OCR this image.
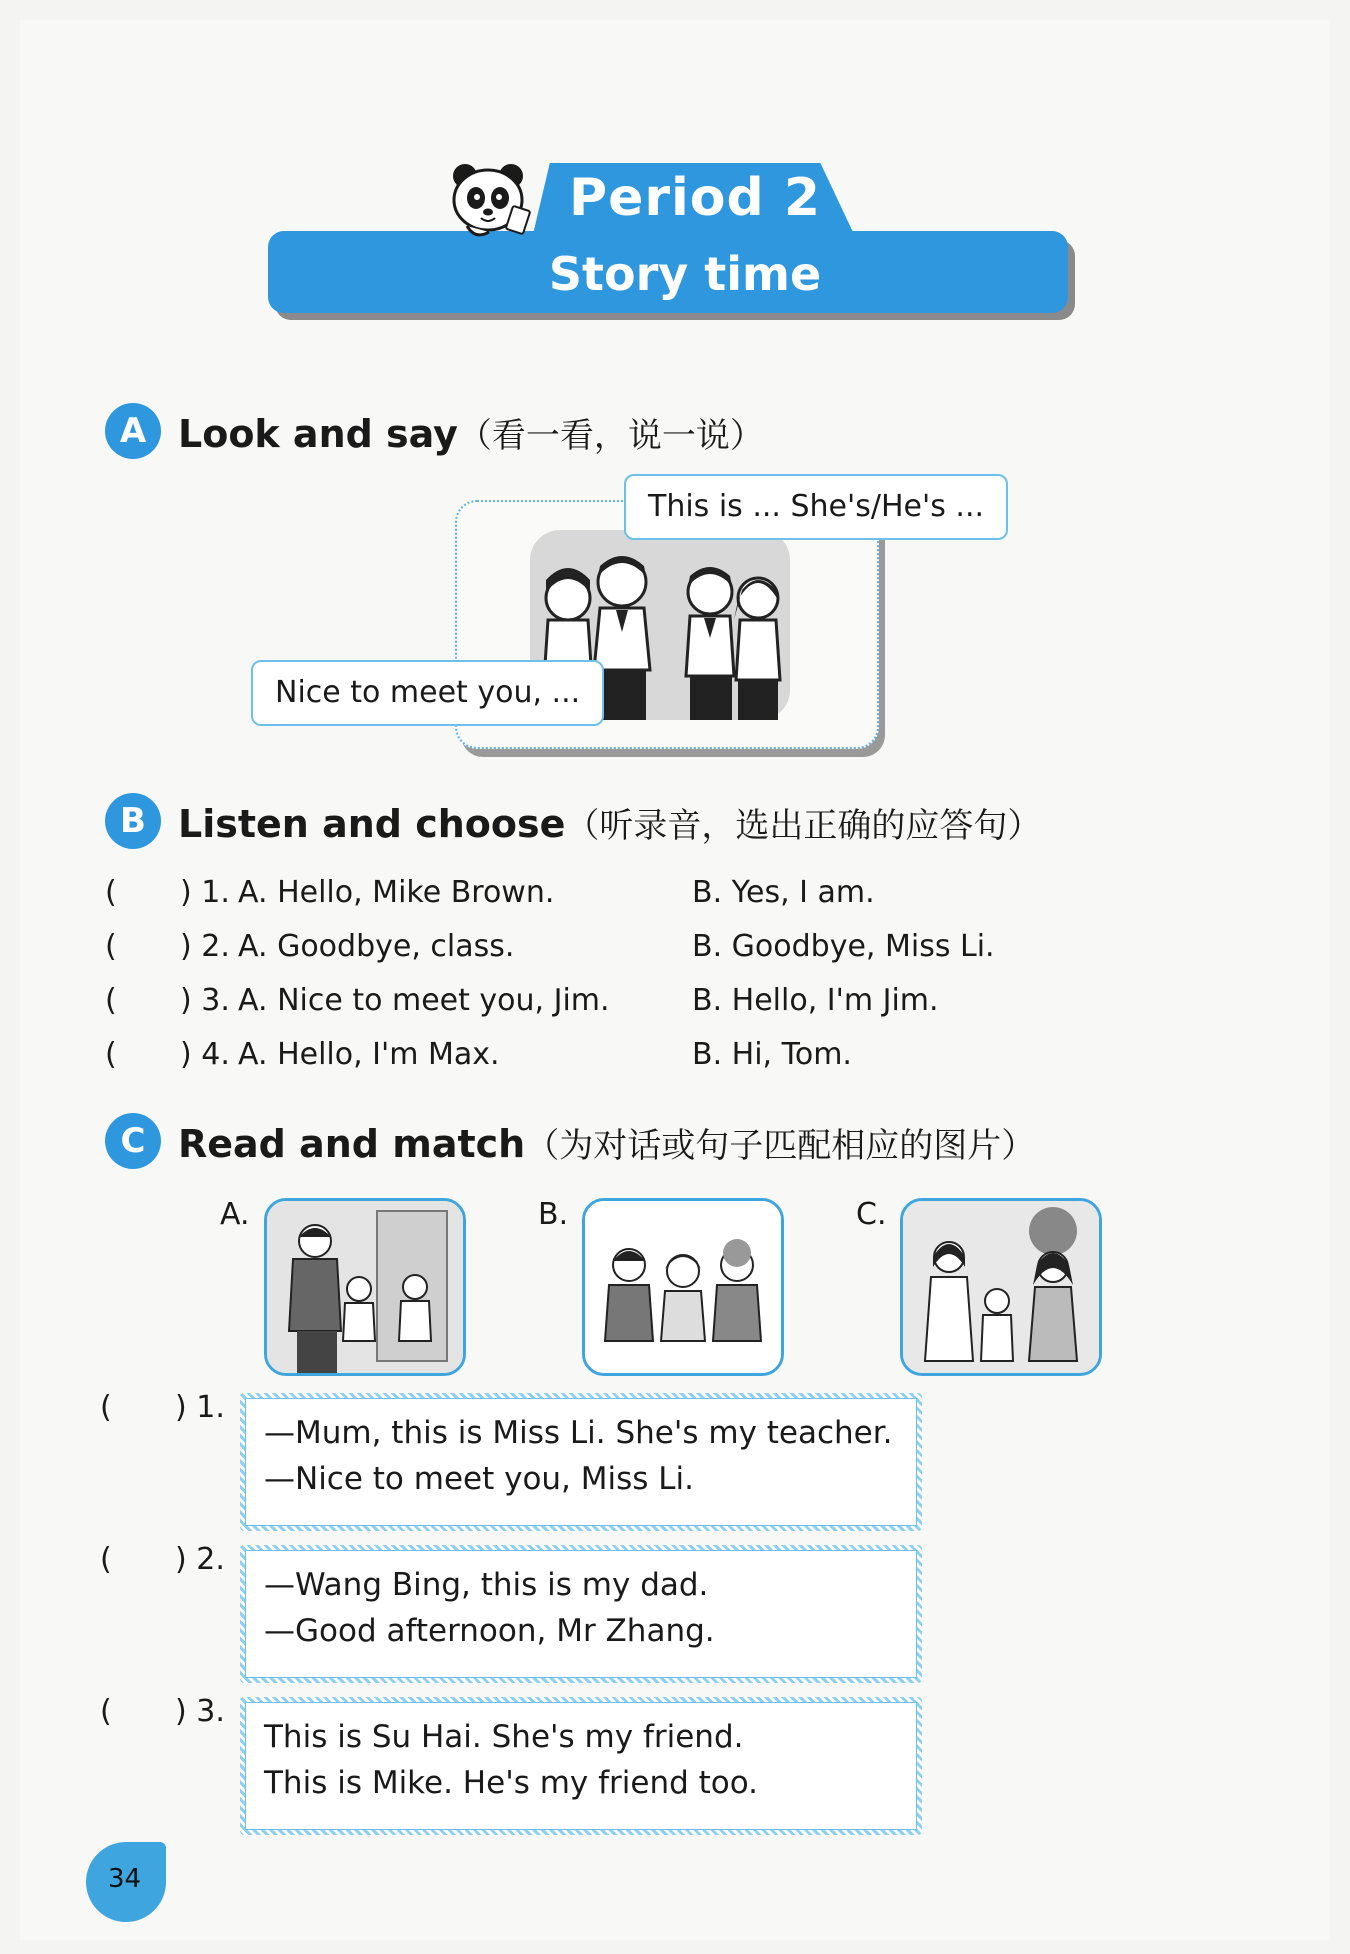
Period 2
Story time
A Look and say（看一看，说一说）
This is ... She's/He's ...
Nice to meet you, ...
B Listen and choose（听录音，选出正确的应答句）
( ) 1. A. Hello, Mike Brown.	B. Yes, I am.
( ) 2. A. Goodbye, class.	B. Goodbye, Miss Li.
( ) 3. A. Nice to meet you, Jim.	B. Hello, I'm Jim.
( ) 4. A. Hello, I'm Max.	B. Hi, Tom.
C Read and match（为对话或句子匹配相应的图片）
A.	B.	C.
( ) 1.
—Mum, this is Miss Li. She's my teacher.
—Nice to meet you, Miss Li.
( ) 2.
—Wang Bing, this is my dad.
—Good afternoon, Mr Zhang.
( ) 3.
This is Su Hai. She's my friend.
This is Mike. He's my friend too.
34
